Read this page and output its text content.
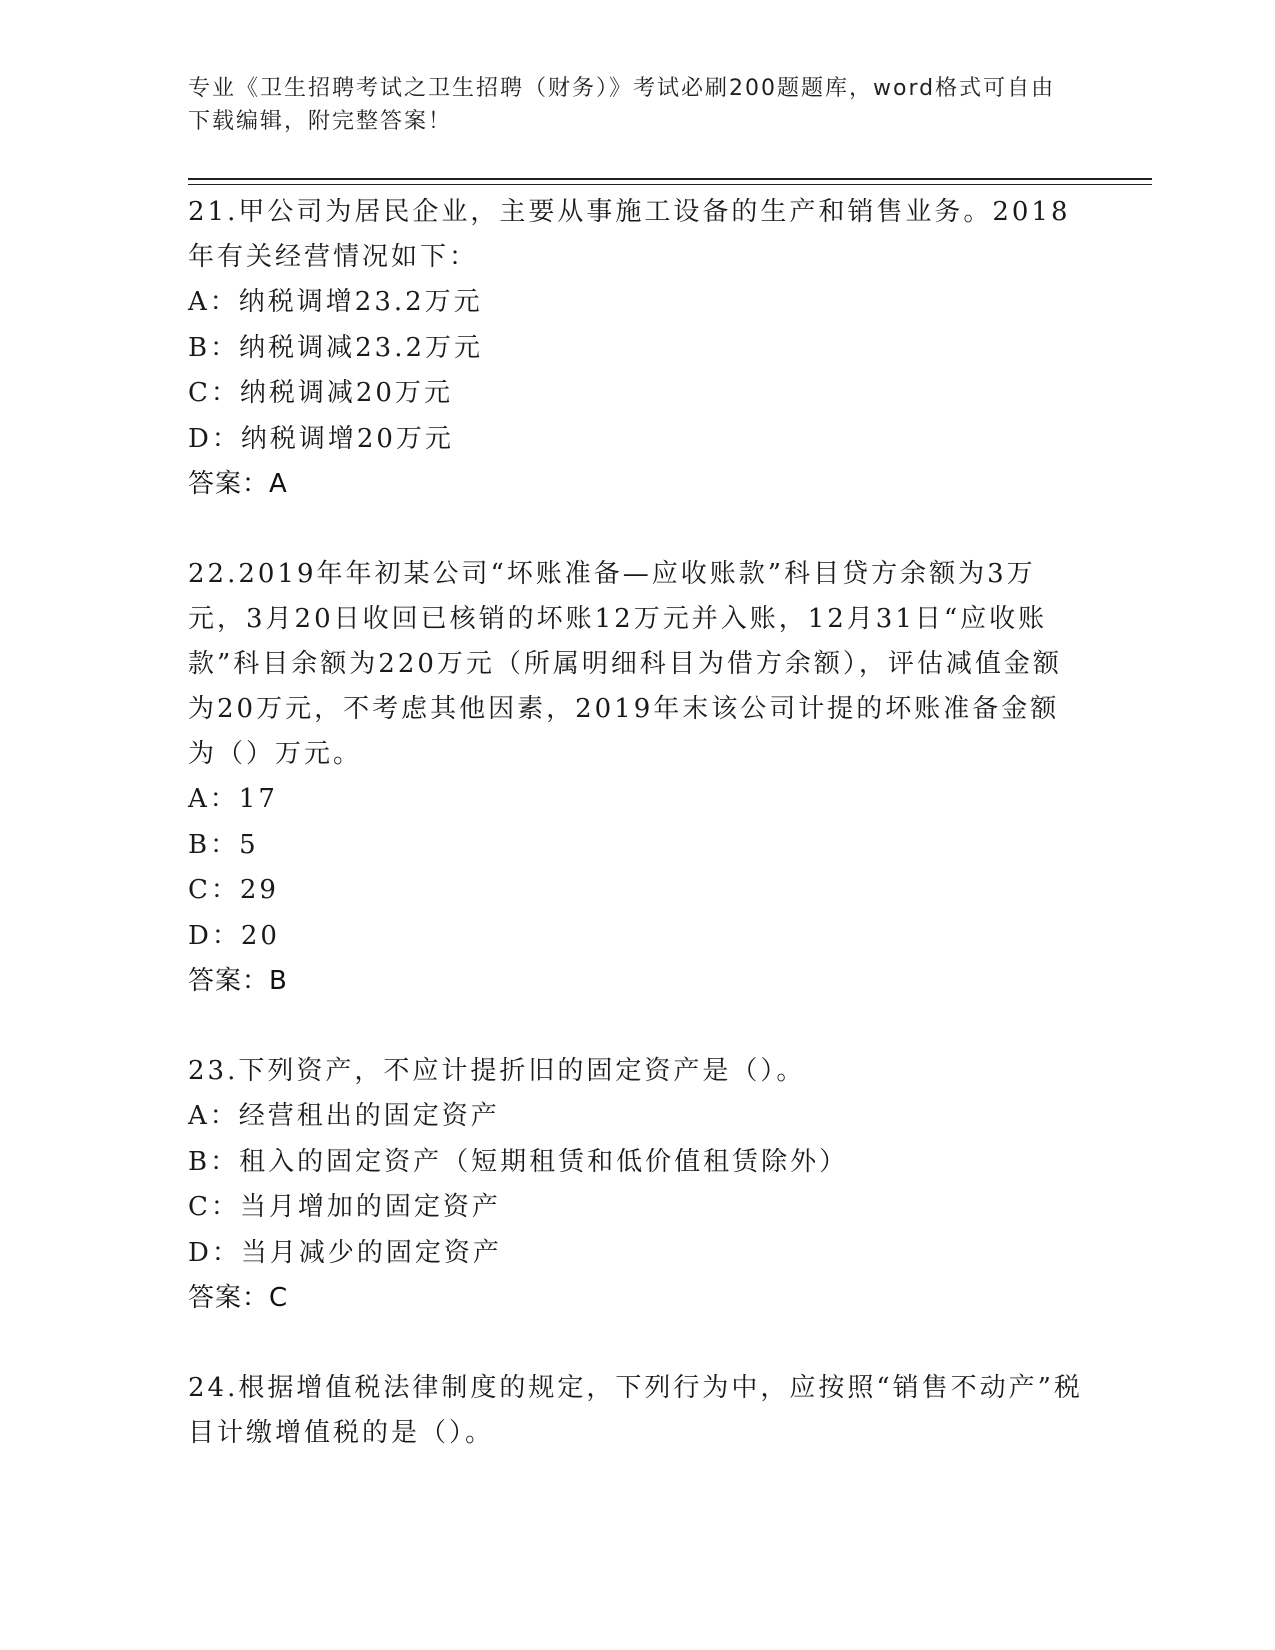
专业《卫生招聘考试之卫生招聘（财务）》考试必刷200题题库，word格式可自由下载编辑，附完整答案！

21.甲公司为居民企业，主要从事施工设备的生产和销售业务。2018年有关经营情况如下：

A：纳税调增23.2万元

B：纳税调减23.2万元

C：纳税调减20万元

D：纳税调增20万元

答案：A

22.2019年年初某公司“坏账准备—应收账款”科目贷方余额为3万元，3月20日收回已核销的坏账12万元并入账，12月31日“应收账款”科目余额为220万元（所属明细科目为借方余额），评估减值金额为20万元，不考虑其他因素，2019年末该公司计提的坏账准备金额为（）万元。

A：17

B：5

C：29

D：20

答案：B

23.下列资产，不应计提折旧的固定资产是（）。

A：经营租出的固定资产

B：租入的固定资产（短期租赁和低价值租赁除外）

C：当月增加的固定资产

D：当月减少的固定资产

答案：C

24.根据增值税法律制度的规定，下列行为中，应按照“销售不动产”税目计缴增值税的是（）。
